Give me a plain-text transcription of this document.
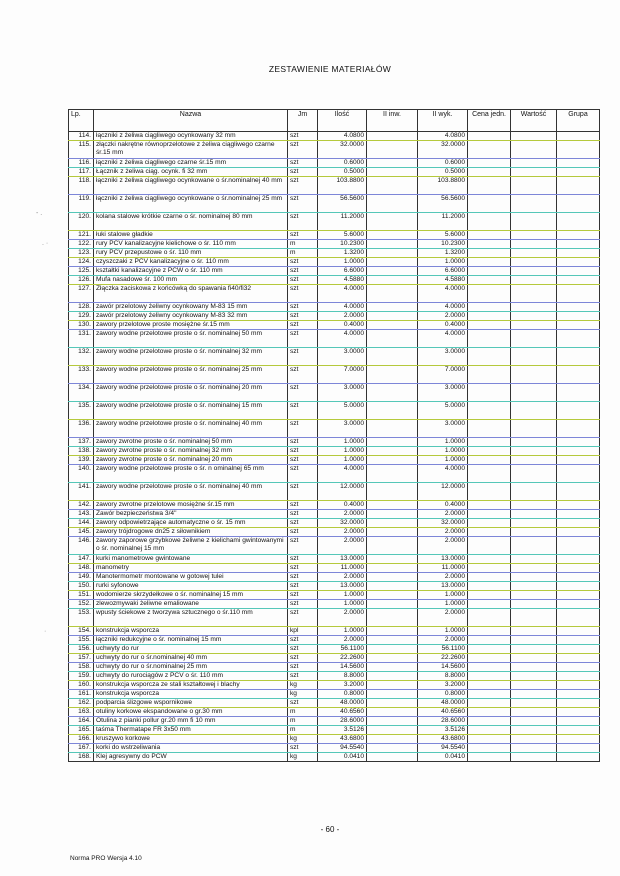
ZESTAWIENIE MATERIAŁÓW
Lp.	Nazwa	Jm	Ilość	II inw.	II wyk.	Cena jedn.	Wartość	Grupa
114.	łączniki z żeliwa ciągliwego ocynkowany 32 mm	szt	4.0800		4.0800			
115.	złączki nakrętne równoprzelotowe z żeliwa ciągliwego czarne śr.15 mm	szt	32.0000		32.0000			
116.	łączniki z żeliwa ciągliwego czarne śr.15 mm	szt	0.6000		0.6000			
117.	Łącznik z żeliwa ciąg. ocynk. fi 32 mm	szt	0.5000		0.5000			
118.	łączniki z żeliwa ciągliwego ocynkowane o śr.nominalnej 40 mm	szt	103.8800		103.8800			
119.	łączniki z żeliwa ciągliwego ocynkowane o śr.nominalnej 25 mm	szt	56.5600		56.5600			
120.	kolana stalowe krótkie czarne o śr. nominalnej 80 mm	szt	11.2000		11.2000			
121.	łuki stalowe gładkie	szt	5.6000		5.6000			
122.	rury PCV kanalizacyjne kielichowe o śr. 110 mm	m	10.2300		10.2300			
123.	rury PCV przepustowe o śr. 110 mm	m	1.3200		1.3200			
124.	czyszczaki z PCV kanalizacyjne o śr. 110 mm	szt	1.0000		1.0000			
125.	kształtki kanalizacyjne z PCW o śr. 110 mm	szt	6.6000		6.6000			
126.	Mufa nasadowe śr. 100 mm	szt	4.5880		4.5880			
127.	Złączka zaciskowa z końcówką do spawania fi40/fi32	szt	4.0000		4.0000			
128.	zawór przelotowy żeliwny ocynkowany M-83 15 mm	szt	4.0000		4.0000			
129.	zawór przelotowy żeliwny ocynkowany M-83 32 mm	szt	2.0000		2.0000			
130.	zawory przelotowe proste mosiężne śr.15 mm	szt	0.4000		0.4000			
131.	zawory wodne przelotowe proste o śr. nominalnej 50 mm	szt	4.0000		4.0000			
132.	zawory wodne przelotowe proste o śr. nominalnej 32 mm	szt	3.0000		3.0000			
133.	zawory wodne przelotowe proste o śr. nominalnej 25 mm	szt	7.0000		7.0000			
134.	zawory wodne przelotowe proste o śr. nominalnej 20 mm	szt	3.0000		3.0000			
135.	zawory wodne przelotowe proste o śr. nominalnej 15 mm	szt	5.0000		5.0000			
136.	zawory wodne przelotowe proste o śr. nominalnej 40 mm	szt	3.0000		3.0000			
137.	zawory zwrotne proste o śr. nominalnej 50 mm	szt	1.0000		1.0000			
138.	zawory zwrotne proste o śr. nominalnej 32 mm	szt	1.0000		1.0000			
139.	zawory zwrotne proste o śr. nominalnej 20 mm	szt	1.0000		1.0000			
140.	zawory wodne przelotowe proste o śr. n ominalnej 65 mm	szt	4.0000		4.0000			
141.	zawory wodne przelotowe proste o śr. nominalnej 40 mm	szt	12.0000		12.0000			
142.	zawory zwrotne przelotowe mosiężne śr.15 mm	szt	0.4000		0.4000			
143.	Zawór bezpieczeństwa 3/4"	szt	2.0000		2.0000			
144.	zawory odpowietrzające automatyczne o śr. 15 mm	szt	32.0000		32.0000			
145.	zawory trójdrogowe dn25 z siłownikiem	szt	2.0000		2.0000			
146.	zawory zaporowe grzybkowe żeliwne z kielichami gwintowanymi o śr. nominalnej 15 mm	szt	2.0000		2.0000			
147.	kurki manometrowe gwintowane	szt	13.0000		13.0000			
148.	manometry	szt	11.0000		11.0000			
149.	Manotermometr montowane w gotowej tulei	szt	2.0000		2.0000			
150.	rurki syfonowe	szt	13.0000		13.0000			
151.	wodomierze skrzydełkowe o śr. nominalnej 15 mm	szt	1.0000		1.0000			
152.	zlewozmywaki żeliwne emaliowane	szt	1.0000		1.0000			
153.	wpusty ściekowe z tworzywa sztucznego o śr.110 mm	szt	2.0000		2.0000			
154.	konstrukcja wsporcza	kpl	1.0000		1.0000			
155.	łączniki redukcyjne o śr. nominalnej 15 mm	szt	2.0000		2.0000			
156.	uchwyty do rur	szt	56.1100		56.1100			
157.	uchwyty do rur o śr.nominalnej 40 mm	szt	22.2600		22.2600			
158.	uchwyty do rur o śr.nominalnej 25 mm	szt	14.5600		14.5600			
159.	uchwyty do rurociągów z PCV o śr. 110 mm	szt	8.8000		8.8000			
160.	konstrukcja wsporcza ze stali kształtowej i blachy	kg	3.2000		3.2000			
161.	konstrukcja wsporcza	kg	0.8000		0.8000			
162.	podparcia ślizgowe wspornikowe	szt	48.0000		48.0000			
163.	otuliny korkowe ekspandowane o gr.30 mm	m	40.6560		40.6560			
164.	Otulina z pianki pollur gr.20 mm fi 10 mm	m	28.6000		28.6000			
165.	taśma Thermatape FR 3x50 mm	m	3.5126		3.5126			
166.	kruszywo korkowe	kg	43.6800		43.6800			
167.	korki do wstrzeliwania	szt	94.5540		94.5540			
168.	Klej agresywny do PCW	kg	0.0410		0.0410			
- 60 -
Norma PRO Wersja 4.10
- .
. ·
·
